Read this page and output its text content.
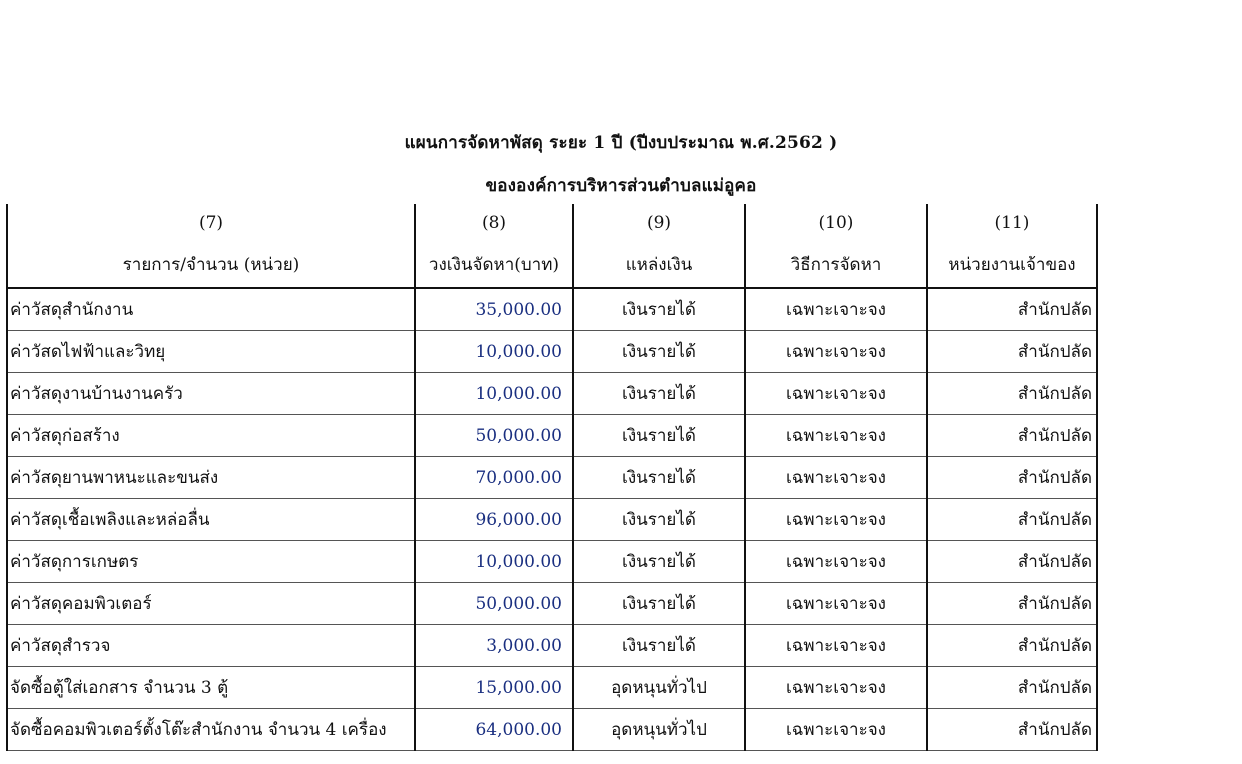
แผนการจัดหาพัสดุ ระยะ 1 ปี (ปีงบประมาณ พ.ศ.2562 )
ขององค์การบริหารส่วนตำบลแม่อูคอ
(7)	(8)	(9)	(10)	(11)
รายการ/จำนวน (หน่วย)	วงเงินจัดหา(บาท)	แหล่งเงิน	วิธีการจัดหา	หน่วยงานเจ้าของ
ค่าวัสดุสำนักงาน	35,000.00	เงินรายได้	เฉพาะเจาะจง	สำนักปลัด
ค่าวัสดไฟฟ้าและวิทยุ	10,000.00	เงินรายได้	เฉพาะเจาะจง	สำนักปลัด
ค่าวัสดุงานบ้านงานครัว	10,000.00	เงินรายได้	เฉพาะเจาะจง	สำนักปลัด
ค่าวัสดุก่อสร้าง	50,000.00	เงินรายได้	เฉพาะเจาะจง	สำนักปลัด
ค่าวัสดุยานพาหนะและขนส่ง	70,000.00	เงินรายได้	เฉพาะเจาะจง	สำนักปลัด
ค่าวัสดุเชื้อเพลิงและหล่อลื่น	96,000.00	เงินรายได้	เฉพาะเจาะจง	สำนักปลัด
ค่าวัสดุการเกษตร	10,000.00	เงินรายได้	เฉพาะเจาะจง	สำนักปลัด
ค่าวัสดุคอมพิวเตอร์	50,000.00	เงินรายได้	เฉพาะเจาะจง	สำนักปลัด
ค่าวัสดุสำรวจ	3,000.00	เงินรายได้	เฉพาะเจาะจง	สำนักปลัด
จัดซื้อตู้ใส่เอกสาร จำนวน 3 ตู้	15,000.00	อุดหนุนทั่วไป	เฉพาะเจาะจง	สำนักปลัด
จัดซื้อคอมพิวเตอร์ตั้งโต๊ะสำนักงาน จำนวน 4 เครื่อง	64,000.00	อุดหนุนทั่วไป	เฉพาะเจาะจง	สำนักปลัด
